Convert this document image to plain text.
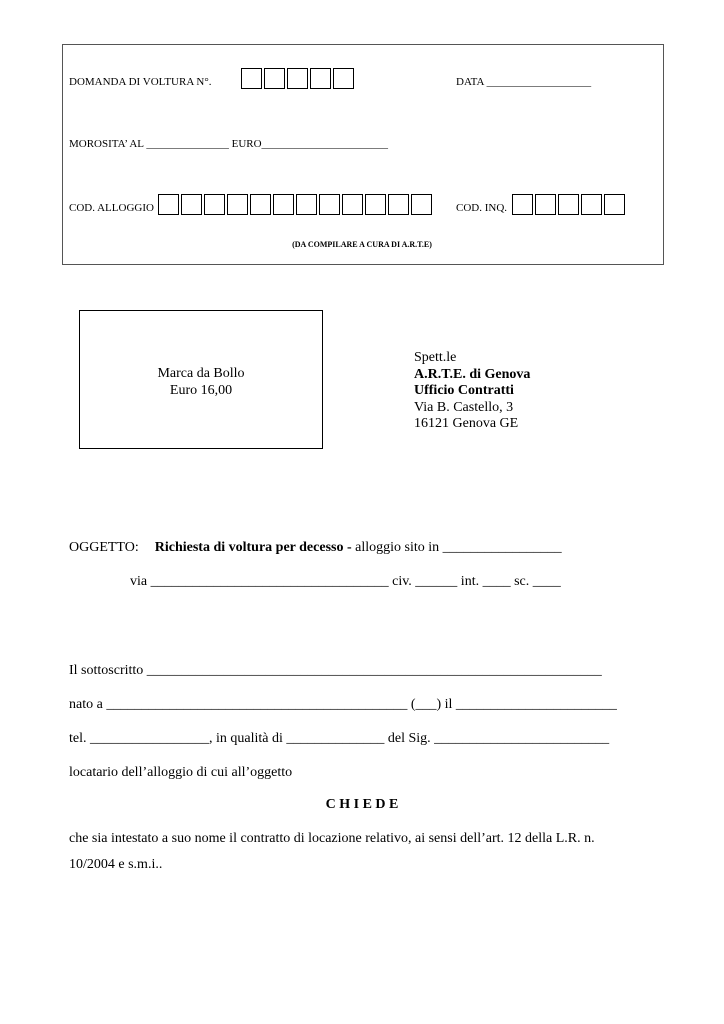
DOMANDA DI VOLTURA N°.	DATA ___________________
MOROSITA’ AL _______________ EURO_______________________
COD. ALLOGGIO	COD. INQ.
(DA COMPILARE A CURA DI A.R.T.E)
Marca da Bollo
Euro 16,00
Spett.le
A.R.T.E. di Genova
Ufficio Contratti
Via B. Castello, 3
16121 Genova GE
OGGETTO: Richiesta di voltura per decesso - alloggio sito in _________________
via __________________________________ civ. ______ int. ____ sc. ____
Il sottoscritto _________________________________________________________________
nato a ___________________________________________ (___) il _______________________
tel. _________________, in qualità di ______________ del Sig. _________________________
locatario dell’alloggio di cui all’oggetto
C H I E D E
che sia intestato a suo nome il contratto di locazione relativo, ai sensi dell’art. 12 della L.R. n.
10/2004 e s.m.i..
